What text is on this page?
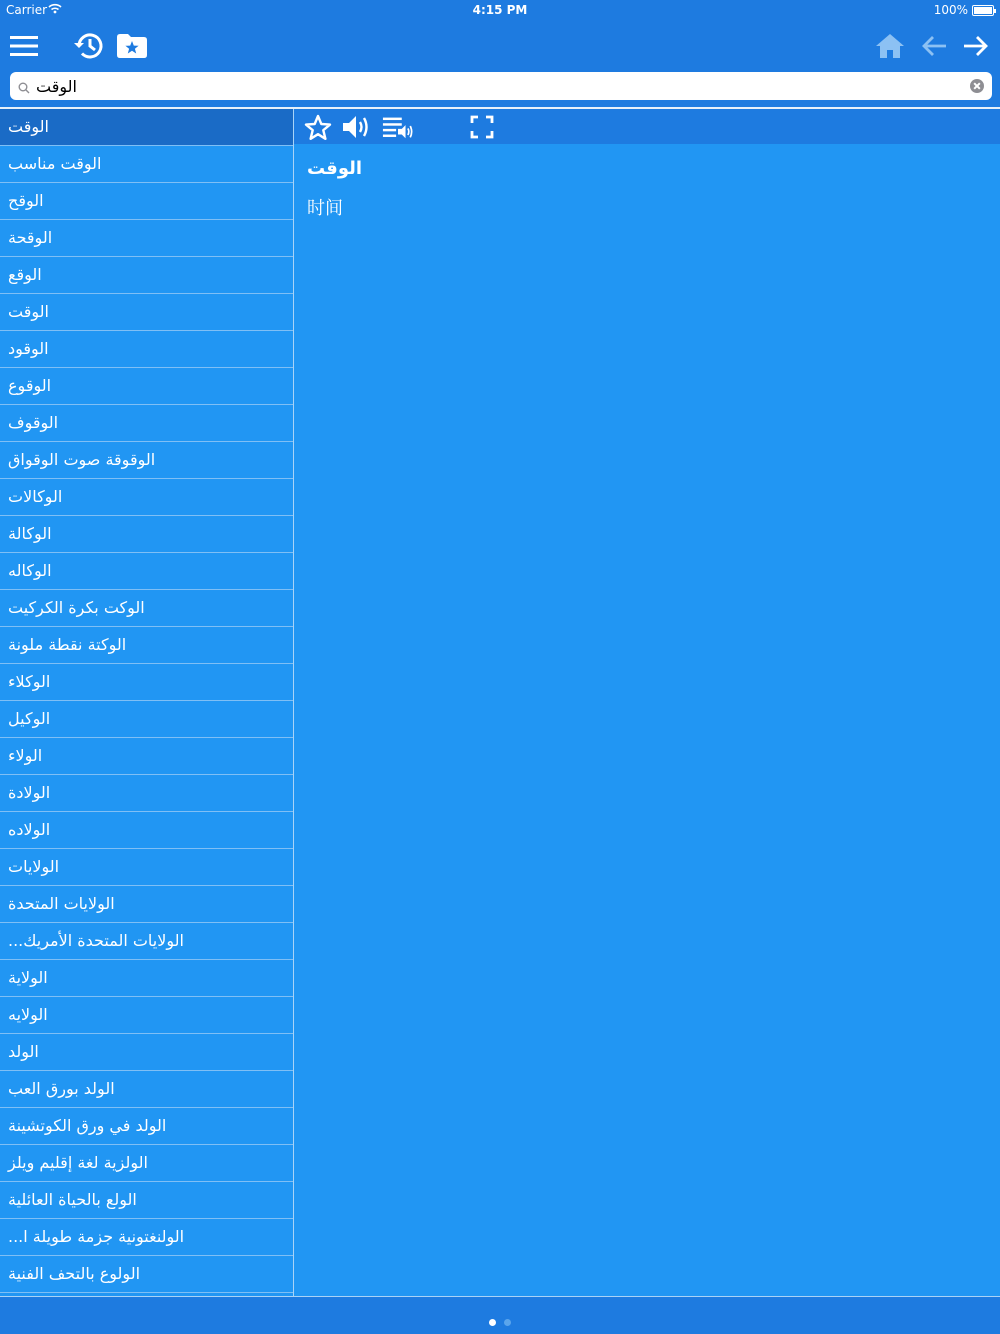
Carrier	4:15 PM	100%
الوقت
الوقت
الوقت مناسب
الوقح
الوقحة
الوقع
الوقت
الوقود
الوقوع
الوقوف
الوقوقة صوت الوقواق
الوكالات
الوكالة
الوكاله
الوكت بكرة الكركيت
الوكتة نقطة ملونة
الوكلاء
الوكيل
الولاء
الولادة
الولاده
الولايات
الولايات المتحدة
...الولايات المتحدة الأمريك
الولاية
الولايه
الولد
الولد بورق العب
الولد في ورق الكوتشينة
الولزية لغة إقليم ويلز
الولع بالحياة العائلية
...الولنغتونية جزمة طويلة ا
الولوع بالتحف الفنية
الوقت
时间
